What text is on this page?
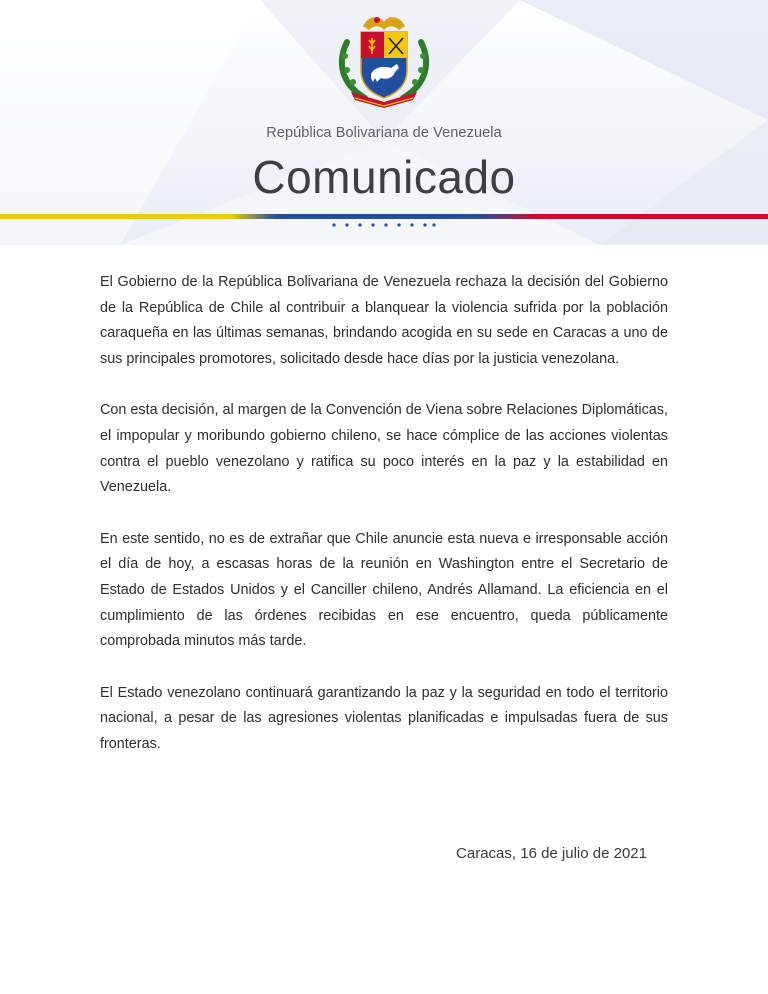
República Bolivariana de Venezuela
Comunicado

El Gobierno de la República Bolivariana de Venezuela rechaza la decisión del Gobierno de la República de Chile al contribuir a blanquear la violencia sufrida por la población caraqueña en las últimas semanas, brindando acogida en su sede en Caracas a uno de sus principales promotores, solicitado desde hace días por la justicia venezolana.

Con esta decisión, al margen de la Convención de Viena sobre Relaciones Diplomáticas, el impopular y moribundo gobierno chileno, se hace cómplice de las acciones violentas contra el pueblo venezolano y ratifica su poco interés en la paz y la estabilidad en Venezuela.

En este sentido, no es de extrañar que Chile anuncie esta nueva e irresponsable acción el día de hoy, a escasas horas de la reunión en Washington entre el Secretario de Estado de Estados Unidos y el Canciller chileno, Andrés Allamand. La eficiencia en el cumplimiento de las órdenes recibidas en ese encuentro, queda públicamente comprobada minutos más tarde.

El Estado venezolano continuará garantizando la paz y la seguridad en todo el territorio nacional, a pesar de las agresiones violentas planificadas e impulsadas fuera de sus fronteras.

Caracas, 16 de julio de 2021
